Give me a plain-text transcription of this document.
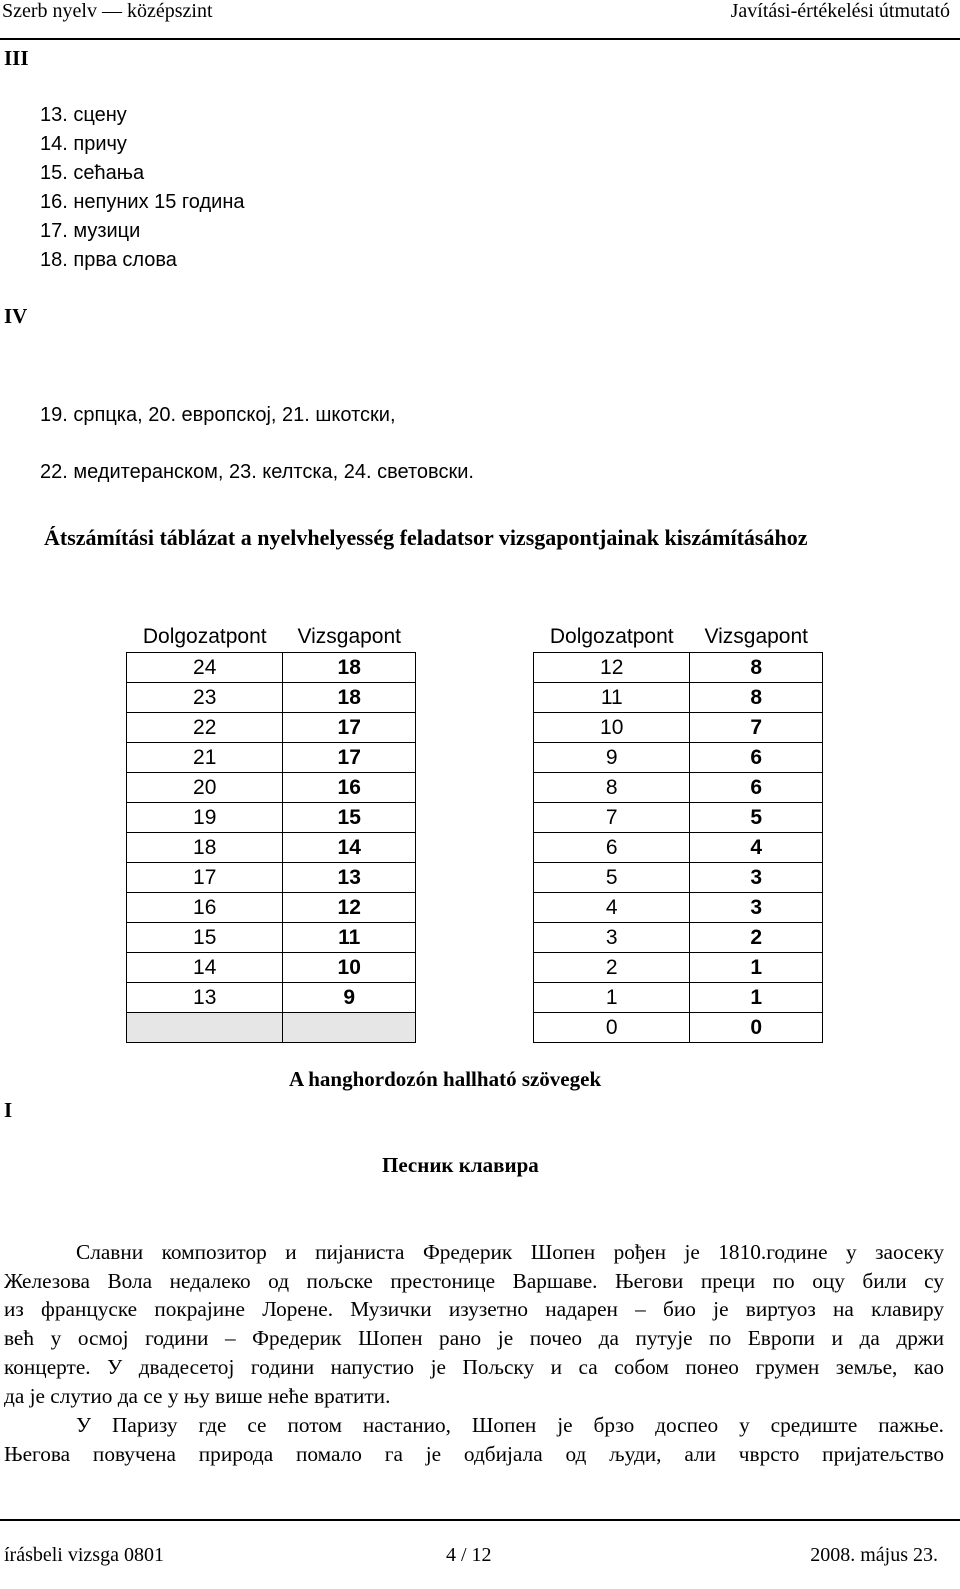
Szerb nyelv — középszint	Javítási-értékelési útmutató
III
13. сцену
14. причу
15. сећања
16. непуних 15 година
17. музици
18. прва слова
IV
19. српцка, 20. европској, 21. шкотски,
22. медитеранском, 23. келтска, 24. световски.
Átszámítási táblázat a nyelvhelyesség feladatsor vizsgapontjainak kiszámításához
Dolgozatpont	Vizsgapont
24	18
23	18
22	17
21	17
20	16
19	15
18	14
17	13
16	12
15	11
14	10
13	9

Dolgozatpont	Vizsgapont
12	8
11	8
10	7
9	6
8	6
7	5
6	4
5	3
4	3
3	2
2	1
1	1
0	0
I
A hanghordozón hallható szövegek
Песник клавира
Славни композитор и пијаниста Фредерик Шопен рођен је 1810.године у заосеку
Железова Вола недалеко од пољске престонице Варшаве. Његови преци по оцу били су
из француске покрајине Лорене. Музички изузетно надарен – био је виртуоз на клавиру
већ у осмој години – Фредерик Шопен рано је почео да путује по Европи и да држи
концерте. У двадесетој години напустио је Пољску и са собом понео грумен земље, као
да је слутио да се у њу више неће вратити.
У Паризу где се потом настанио, Шопен је брзо доспео у средиште пажње.
Његова повучена природа помало га је одбијала од људи, али чврсто пријатељство
írásbeli vizsga 0801	4 / 12	2008. május 23.
